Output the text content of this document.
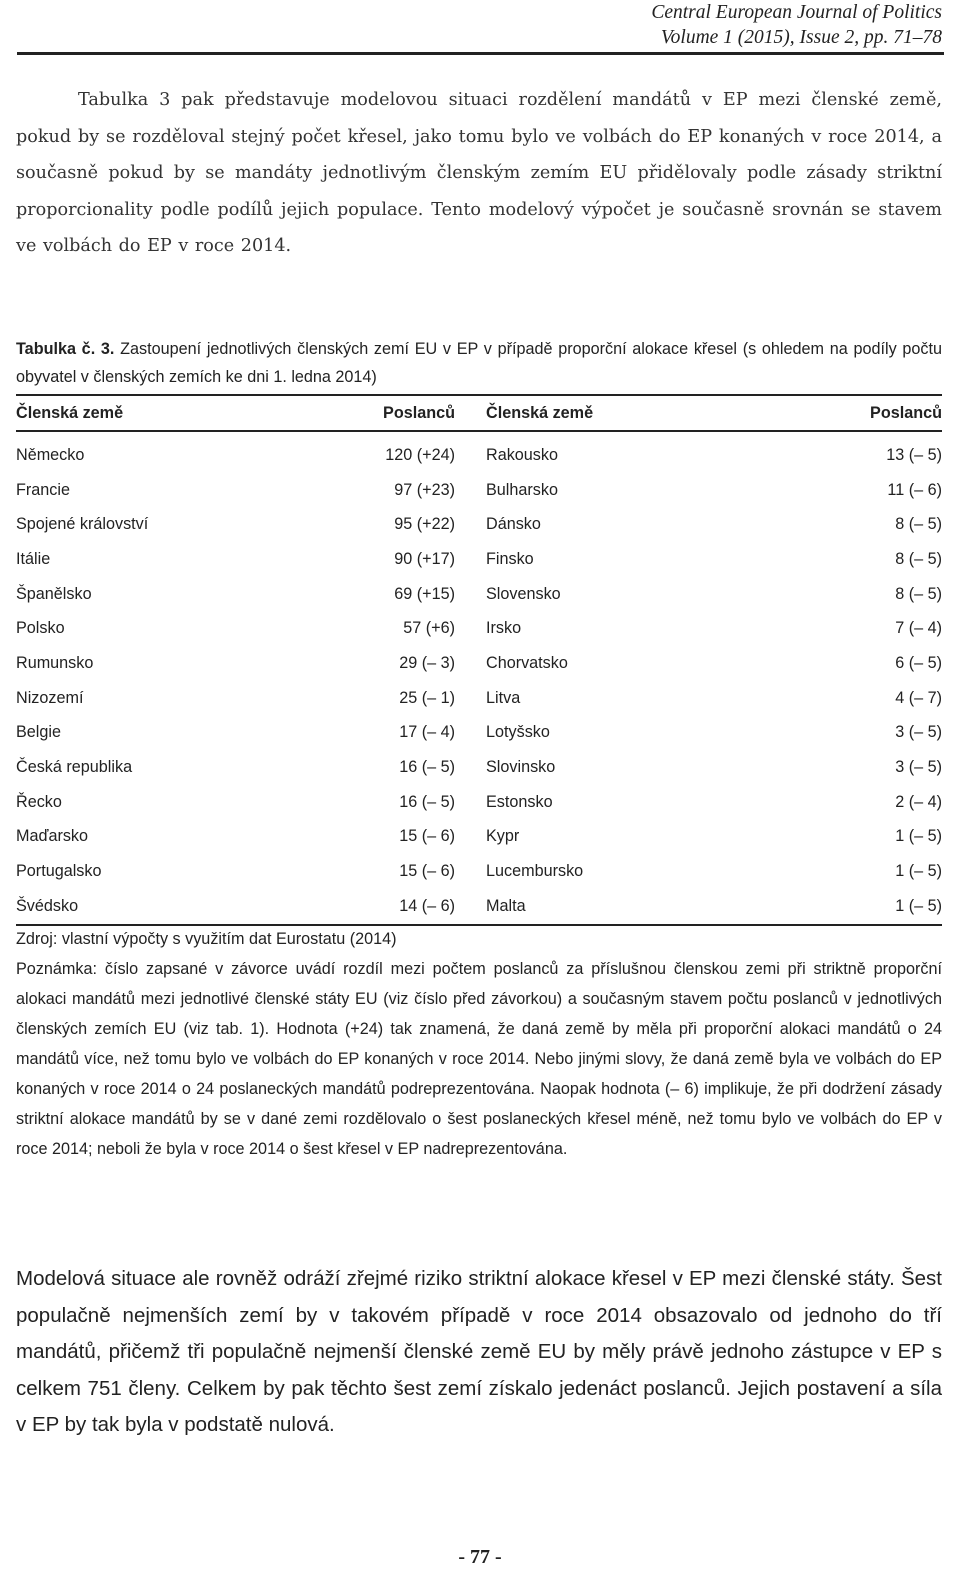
Central European Journal of Politics
Volume 1 (2015), Issue 2, pp. 71–78

Tabulka 3 pak představuje modelovou situaci rozdělení mandátů v EP mezi členské země, pokud by se rozděloval stejný počet křesel, jako tomu bylo ve volbách do EP konaných v roce 2014, a současně pokud by se mandáty jednotlivým členským zemím EU přidělovaly podle zásady striktní proporcionality podle podílů jejich populace. Tento modelový výpočet je současně srovnán se stavem ve volbách do EP v roce 2014.

Tabulka č. 3. Zastoupení jednotlivých členských zemí EU v EP v případě proporční alokace křesel (s ohledem na podíly počtu obyvatel v členských zemích ke dni 1. ledna 2014)

Členská země	Poslanců	Členská země	Poslanců
Německo	120 (+24)	Rakousko	13 (– 5)
Francie	97 (+23)	Bulharsko	11 (– 6)
Spojené království	95 (+22)	Dánsko	8 (– 5)
Itálie	90 (+17)	Finsko	8 (– 5)
Španělsko	69 (+15)	Slovensko	8 (– 5)
Polsko	57 (+6)	Irsko	7 (– 4)
Rumunsko	29 (– 3)	Chorvatsko	6 (– 5)
Nizozemí	25 (– 1)	Litva	4 (– 7)
Belgie	17 (– 4)	Lotyšsko	3 (– 5)
Česká republika	16 (– 5)	Slovinsko	3 (– 5)
Řecko	16 (– 5)	Estonsko	2 (– 4)
Maďarsko	15 (– 6)	Kypr	1 (– 5)
Portugalsko	15 (– 6)	Lucembursko	1 (– 5)
Švédsko	14 (– 6)	Malta	1 (– 5)
Zdroj: vlastní výpočty s využitím dat Eurostatu (2014)

Poznámka: číslo zapsané v závorce uvádí rozdíl mezi počtem poslanců za příslušnou členskou zemi při striktně proporční alokaci mandátů mezi jednotlivé členské státy EU (viz číslo před závorkou) a současným stavem počtu poslanců v jednotlivých členských zemích EU (viz tab. 1). Hodnota (+24) tak znamená, že daná země by měla při proporční alokaci mandátů o 24 mandátů více, než tomu bylo ve volbách do EP konaných v roce 2014. Nebo jinými slovy, že daná země byla ve volbách do EP konaných v roce 2014 o 24 poslaneckých mandátů podreprezentována. Naopak hodnota (– 6) implikuje, že při dodržení zásady striktní alokace mandátů by se v dané zemi rozdělovalo o šest poslaneckých křesel méně, než tomu bylo ve volbách do EP v roce 2014; neboli že byla v roce 2014 o šest křesel v EP nadreprezentována.

Modelová situace ale rovněž odráží zřejmé riziko striktní alokace křesel v EP mezi členské státy. Šest populačně nejmenších zemí by v takovém případě v roce 2014 obsazovalo od jednoho do tří mandátů, přičemž tři populačně nejmenší členské země EU by měly právě jednoho zástupce v EP s celkem 751 členy. Celkem by pak těchto šest zemí získalo jedenáct poslanců. Jejich postavení a síla v EP by tak byla v podstatě nulová.

- 77 -
